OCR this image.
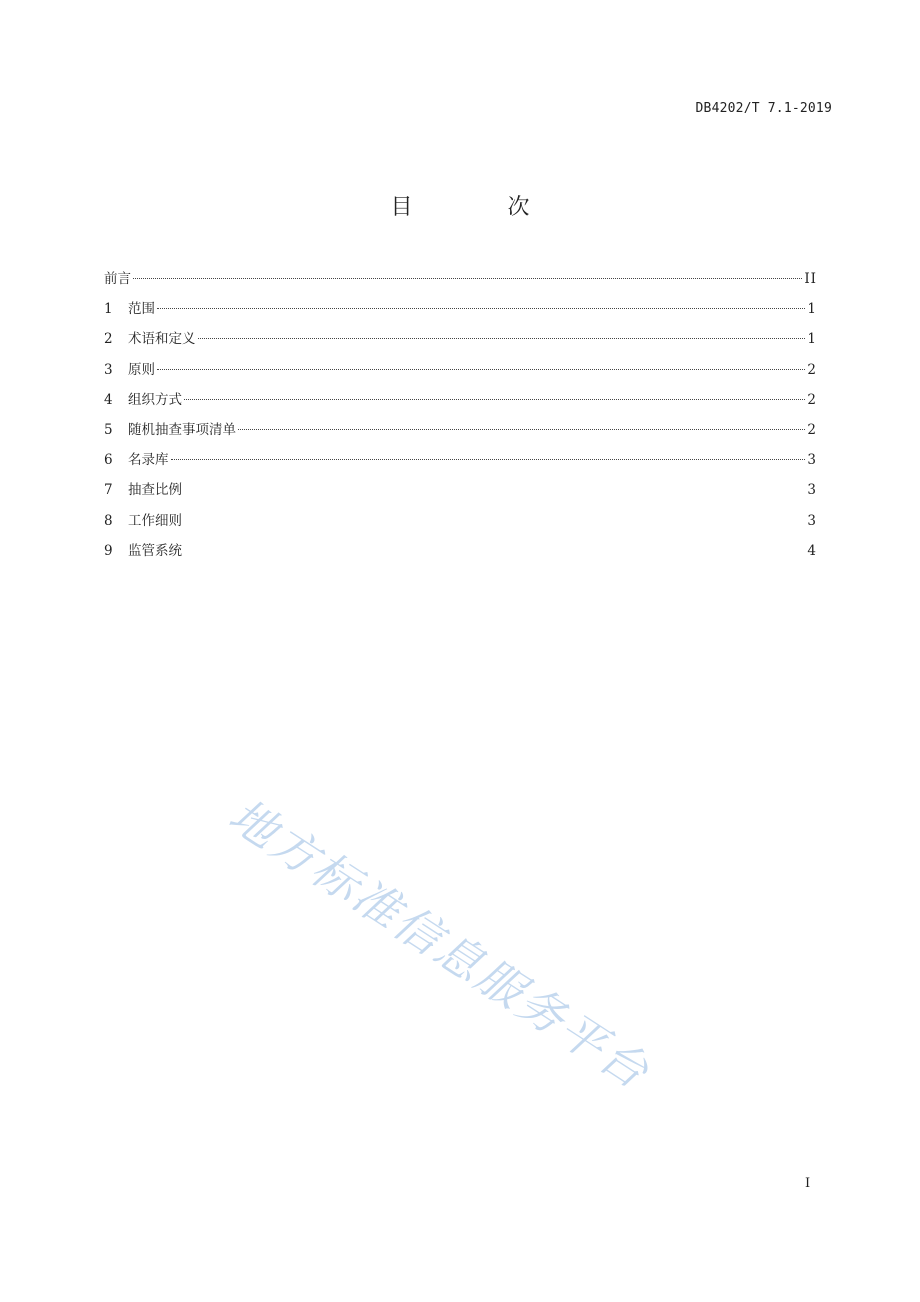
DB4202/T 7.1-2019
目 次
前言	II
1	范围	1
2	术语和定义	1
3	原则	2
4	组织方式	2
5	随机抽查事项清单	2
6	名录库	3
7	抽查比例	3
8	工作细则	3
9	监管系统	4
地方标准信息服务平台
I
